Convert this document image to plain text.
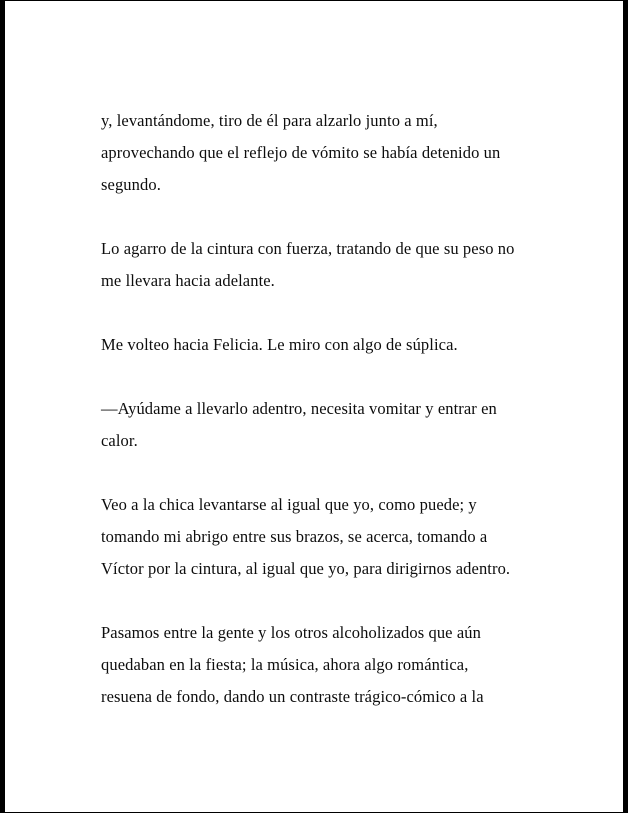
y, levantándome, tiro de él para alzarlo junto a mí, aprovechando que el reflejo de vómito se había detenido un segundo.

Lo agarro de la cintura con fuerza, tratando de que su peso no me llevara hacia adelante.

Me volteo hacia Felicia. Le miro con algo de súplica.

—Ayúdame a llevarlo adentro, necesita vomitar y entrar en calor.

Veo a la chica levantarse al igual que yo, como puede; y tomando mi abrigo entre sus brazos, se acerca, tomando a Víctor por la cintura, al igual que yo, para dirigirnos adentro.

Pasamos entre la gente y los otros alcoholizados que aún quedaban en la fiesta; la música, ahora algo romántica, resuena de fondo, dando un contraste trágico-cómico a la
